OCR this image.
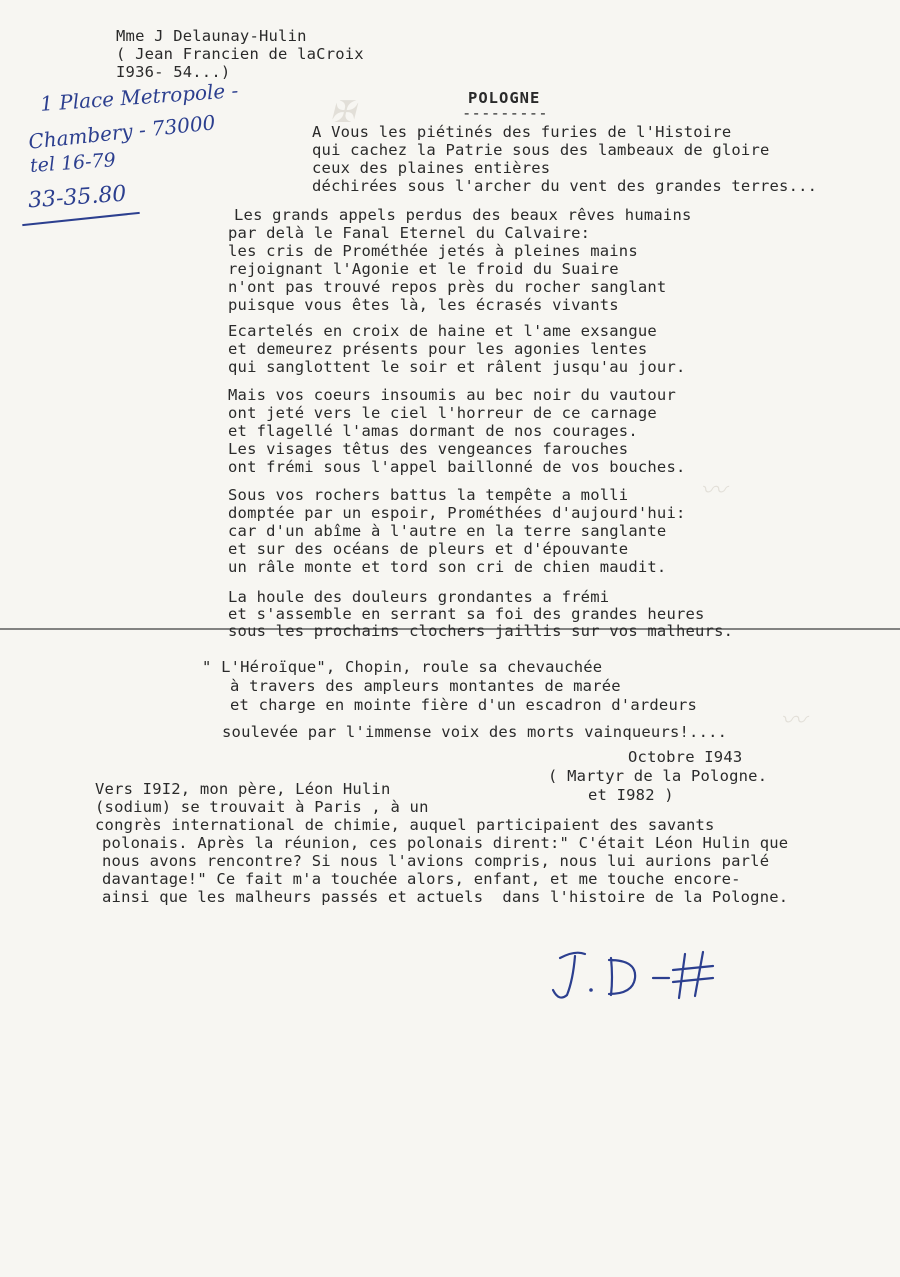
✠
〰
〰
Mme J Delaunay-Hulin
( Jean Francien de laCroix
I936- 54...)
1 Place Metropole -
Chambery - 73000
tel 16-79
33-35.80
POLOGNE
---------
A Vous les piétinés des furies de l'Histoire
qui cachez la Patrie sous des lambeaux de gloire
ceux des plaines entières
déchirées sous l'archer du vent des grandes terres...
Les grands appels perdus des beaux rêves humains
par delà le Fanal Eternel du Calvaire:
les cris de Prométhée jetés à pleines mains
rejoignant l'Agonie et le froid du Suaire
n'ont pas trouvé repos près du rocher sanglant
puisque vous êtes là, les écrasés vivants
Ecartelés en croix de haine et l'ame exsangue
et demeurez présents pour les agonies lentes
qui sanglottent le soir et râlent jusqu'au jour.
Mais vos coeurs insoumis au bec noir du vautour
ont jeté vers le ciel l'horreur de ce carnage
et flagellé l'amas dormant de nos courages.
Les visages têtus des vengeances farouches
ont frémi sous l'appel baillonné de vos bouches.
Sous vos rochers battus la tempête a molli
domptée par un espoir, Prométhées d'aujourd'hui:
car d'un abîme à l'autre en la terre sanglante
et sur des océans de pleurs et d'épouvante
un râle monte et tord son cri de chien maudit.
La houle des douleurs grondantes a frémi
et s'assemble en serrant sa foi des grandes heures
sous les prochains clochers jaillis sur vos malheurs.
" L'Héroïque", Chopin, roule sa chevauchée
à travers des ampleurs montantes de marée
et charge en mointe fière d'un escadron d'ardeurs
soulevée par l'immense voix des morts vainqueurs!....
Octobre I943
( Martyr de la Pologne.
et I982 )
Vers I9I2, mon père, Léon Hulin
(sodium) se trouvait à Paris , à un
congrès international de chimie, auquel participaient des savants
polonais. Après la réunion, ces polonais dirent:" C'était Léon Hulin que
nous avons rencontre? Si nous l'avions compris, nous lui aurions parlé
davantage!" Ce fait m'a touchée alors, enfant, et me touche encore-
ainsi que les malheurs passés et actuels  dans l'histoire de la Pologne.
